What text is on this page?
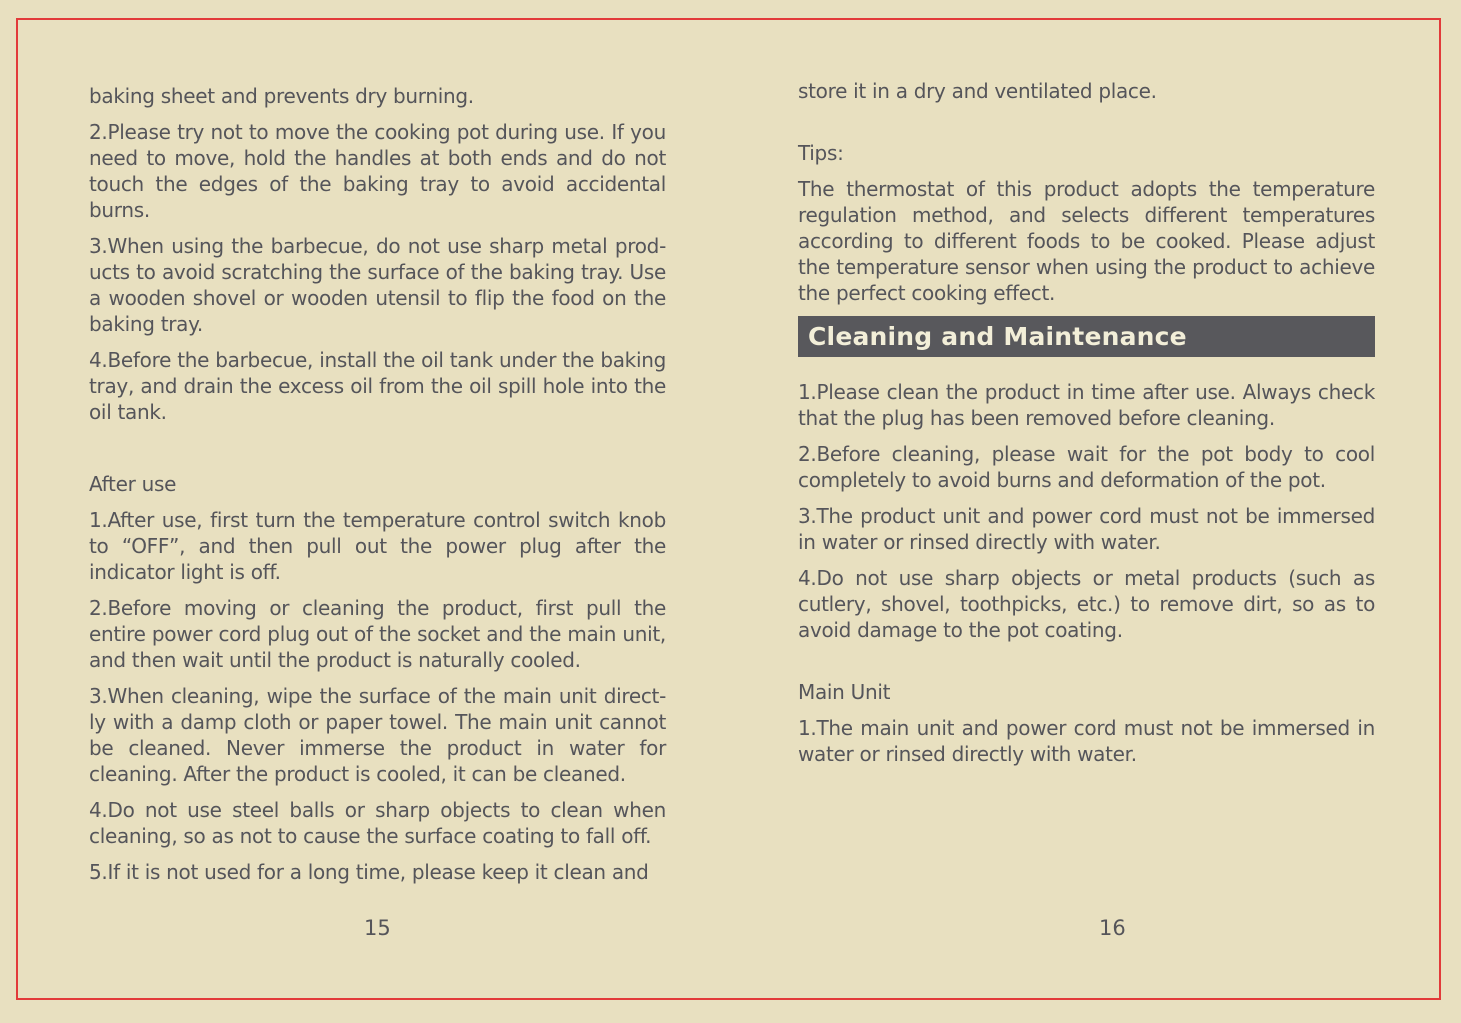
baking sheet and prevents dry burning.

2.Please try not to move the cooking pot during use. If you need to move, hold the handles at both ends and do not touch the edges of the baking tray to avoid accidental burns.

3.When using the barbecue, do not use sharp metal prod-ucts to avoid scratching the surface of the baking tray. Use a wooden shovel or wooden utensil to flip the food on the baking tray.

4.Before the barbecue, install the oil tank under the baking tray, and drain the excess oil from the oil spill hole into the oil tank.

After use

1.After use, first turn the temperature control switch knob to “OFF”, and then pull out the power plug after the indicator light is off.

2.Before moving or cleaning the product, first pull the entire power cord plug out of the socket and the main unit, and then wait until the product is naturally cooled.

3.When cleaning, wipe the surface of the main unit direct-ly with a damp cloth or paper towel. The main unit cannot be cleaned. Never immerse the product in water for cleaning. After the product is cooled, it can be cleaned.

4.Do not use steel balls or sharp objects to clean when cleaning, so as not to cause the surface coating to fall off.

5.If it is not used for a long time, please keep it clean and

15

store it in a dry and ventilated place.

Tips:

The thermostat of this product adopts the temperature regulation method, and selects different temperatures according to different foods to be cooked. Please adjust the temperature sensor when using the product to achieve the perfect cooking effect.

Cleaning and Maintenance

1.Please clean the product in time after use. Always check that the plug has been removed before cleaning.

2.Before cleaning, please wait for the pot body to cool completely to avoid burns and deformation of the pot.

3.The product unit and power cord must not be immersed in water or rinsed directly with water.

4.Do not use sharp objects or metal products (such as cutlery, shovel, toothpicks, etc.) to remove dirt, so as to avoid damage to the pot coating.

Main Unit

1.The main unit and power cord must not be immersed in water or rinsed directly with water.

16
